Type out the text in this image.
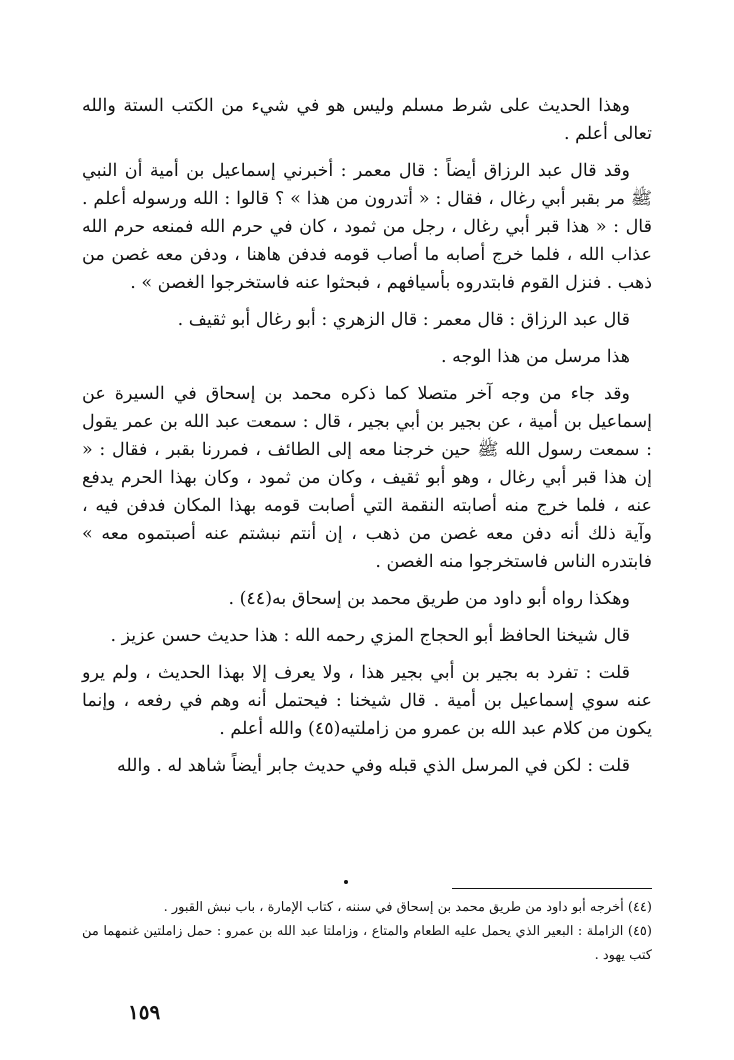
وهذا الحديث على شرط مسلم وليس هو في شيء من الكتب الستة والله تعالى أعلم .

وقد قال عبد الرزاق أيضاً : قال معمر : أخبرني إسماعيل بن أمية أن النبي ﷺ مر بقبر أبي رغال ، فقال : « أتدرون من هذا » ؟ قالوا : الله ورسوله أعلم . قال : « هذا قبر أبي رغال ، رجل من ثمود ، كان في حرم الله فمنعه حرم الله عذاب الله ، فلما خرج أصابه ما أصاب قومه فدفن هاهنا ، ودفن معه غصن من ذهب . فنزل القوم فابتدروه بأسيافهم ، فبحثوا عنه فاستخرجوا الغصن » .

قال عبد الرزاق : قال معمر : قال الزهري : أبو رغال أبو ثقيف .

هذا مرسل من هذا الوجه .

وقد جاء من وجه آخر متصلا كما ذكره محمد بن إسحاق في السيرة عن إسماعيل بن أمية ، عن بجير بن أبي بجير ، قال : سمعت عبد الله بن عمر يقول : سمعت رسول الله ﷺ حين خرجنا معه إلى الطائف ، فمررنا بقبر ، فقال : « إن هذا قبر أبي رغال ، وهو أبو ثقيف ، وكان من ثمود ، وكان بهذا الحرم يدفع عنه ، فلما خرج منه أصابته النقمة التي أصابت قومه بهذا المكان فدفن فيه ، وآية ذلك أنه دفن معه غصن من ذهب ، إن أنتم نبشتم عنه أصبتموه معه » فابتدره الناس فاستخرجوا منه الغصن .

وهكذا رواه أبو داود من طريق محمد بن إسحاق به(٤٤) .

قال شيخنا الحافظ أبو الحجاج المزي رحمه الله : هذا حديث حسن عزيز .

قلت : تفرد به بجير بن أبي بجير هذا ، ولا يعرف إلا بهذا الحديث ، ولم يرو عنه سوي إسماعيل بن أمية . قال شيخنا : فيحتمل أنه وهم في رفعه ، وإنما يكون من كلام عبد الله بن عمرو من زاملتيه(٤٥) والله أعلم .

قلت : لكن في المرسل الذي قبله وفي حديث جابر أيضاً شاهد له . والله

(٤٤) أخرجه أبو داود من طريق محمد بن إسحاق في سننه ، كتاب الإمارة ، باب نبش القبور .

(٤٥) الزاملة : البعير الذي يحمل عليه الطعام والمتاع ، وزاملتا عبد الله بن عمرو : حمل زاملتين غنمهما من كتب يهود .

١٥٩
